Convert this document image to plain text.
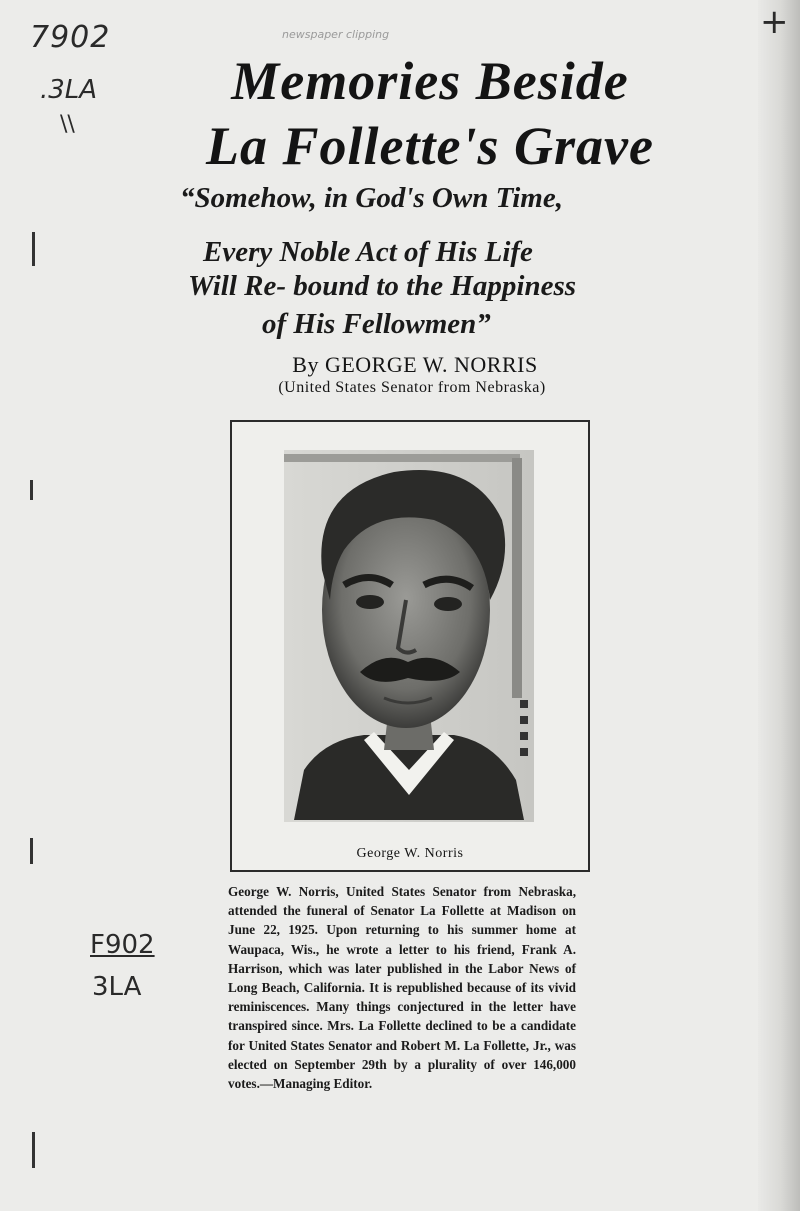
7902
.3LA
\\
+
newspaper clipping
F902
3LA
Memories Beside
La Follette's Grave
“Somehow, in God's Own Time,
Every Noble Act of His Life
Will Re- bound to the Happiness
of His Fellowmen”
By GEORGE W. NORRIS
(United States Senator from Nebraska)
George W. Norris
George W. Norris, United States Senator from Nebraska, attended the funeral of Senator La Follette at Madison on June 22, 1925. Upon returning to his summer home at Waupaca, Wis., he wrote a letter to his friend, Frank A. Harrison, which was later published in the Labor News of Long Beach, California. It is republished because of its vivid reminiscences. Many things conjectured in the letter have transpired since. Mrs. La Follette declined to be a candidate for United States Senator and Robert M. La Follette, Jr., was elected on September 29th by a plurality of over 146,000 votes.—Managing Editor.
